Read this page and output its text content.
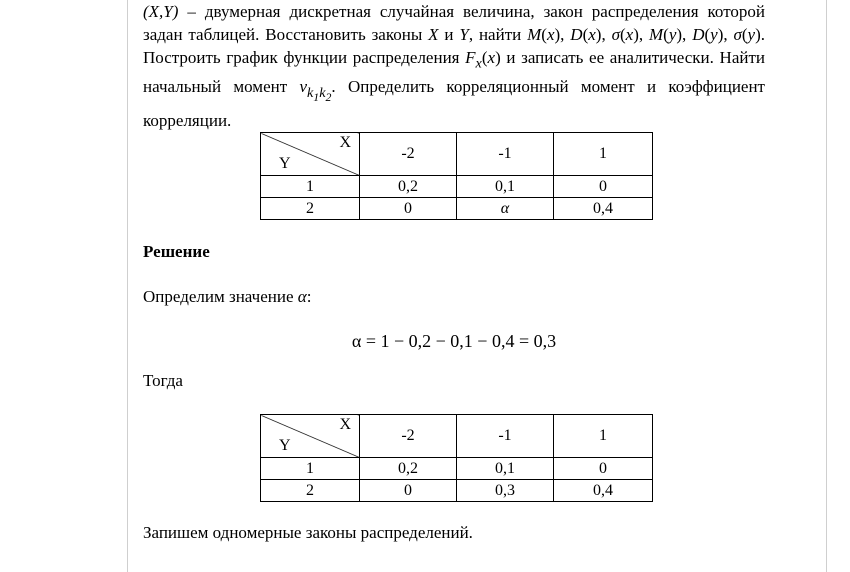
(X,Y) – двумерная дискретная случайная величина, закон распределения которой задан таблицей. Восстановить законы X и Y, найти M(x), D(x), σ(x), M(y), D(y), σ(y). Построить график функции распределения $F_x(x)$ и записать ее аналитически. Найти начальный момент $v_{k_1k_2}$. Определить корреляционный момент и коэффициент корреляции.

X
Y	-2	-1	1
1	0,2	0,1	0
2	0	α	0,4
Решение
Определим значение α:
α = 1 − 0,2 − 0,1 − 0,4 = 0,3
Тогда
X
Y	-2	-1	1
1	0,2	0,1	0
2	0	0,3	0,4
Запишем одномерные законы распределений.
